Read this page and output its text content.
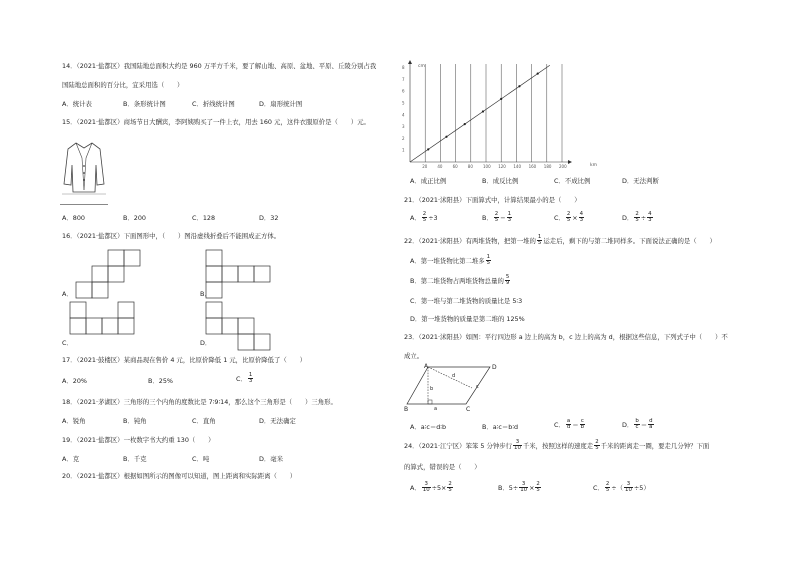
14．（2021·盐都区）我国陆地总面积大约是 960 万平方千米，要了解山地、高原、盆地、平原、丘陵分别占我
国陆地总面积的百分比，宜采用选（　　）
A．统计表	B．条形统计图	C．折线统计图	D．扇形统计图
15．（2021·盐都区）商场节日大酬宾，李阿姨购买了一件上衣，用去 160 元，这件衣服原价是（　　）元。
A．800	B．200	C．128	D．32
16．（2021·盐都区）下面图形中，（　　）图沿虚线折叠后不能围成正方体。
A．	B．
C．	D．
17．（2021·鼓楼区）某商品现在售价 4 元，比原价降低 1 元，比原价降低了（　　）
A．20%	B．25%	C． $\frac{1}{3}$
18．（2021·茅湖区）三角形的三个内角的度数比是 7∶9∶14，那么这个三角形是（　　）三角形。
A．锐角	B．钝角	C．直角	D．无法确定
19．（2021·盐都区）一枚数字书大约重 130（　　）
A．克	B．千克	C．吨	D．毫米
20．（2021·盐都区）根据如图所示的图像可以知道，图上距离和实际距离（　　）
cm
km
20	40	60	80	100 120 140 160 180 200
1
2
3
4
5
6
7
8
A．成正比例	B．成反比例	C．不成比例	D．无法判断
21．（2021·沭阳县）下面算式中，计算结果最小的是（　　）
A． $\frac{2}{5} \div 3$	B． $\frac{2}{5} - \frac{1}{3}$	C． $\frac{2}{5} \times \frac{4}{3}$	D． $\frac{2}{5} \div \frac{4}{3}$
22．（2021·沭阳县）有两堆货物，把第一堆的 $\frac{1}{5}$ 运走后，剩下的与第二堆同样多。下面说法正确的是（　　）
A．第一堆货物比第二堆多 $\frac{1}{5}$
B．第二堆货物占两堆货物总量的 $\frac{5}{9}$
C．第一堆与第二堆货物的质量比是 5∶3
D．第一堆货物的质量是第二堆的 125%
23．（2021·沭阳县）如图：平行四边形 a 边上的高为 b，c 边上的高为 d，根据这些信息，下列式子中（　　）不
成立。
A	D
B	C
a
b	c
d
A．a∶c＝d∶b	B．a∶c＝b∶d	C． $\frac{a}{d} = \frac{c}{b}$	D． $\frac{b}{c} = \frac{d}{a}$
24．（2021·江宁区）笨笨 5 分钟步行 $\frac{3}{10}$ 千米，按照这样的速度走 $\frac{2}{5}$ 千米的距离走一圈，要走几分钟？下面
的算式，错误的是（　　）
A． $\frac{3}{10} \div 5\times \frac{2}{5}$	B．$5\div \frac{3}{10} \times \frac{2}{5}$	C． $\frac{2}{5}$ ÷（ $\frac{3}{10} \div 5$）
